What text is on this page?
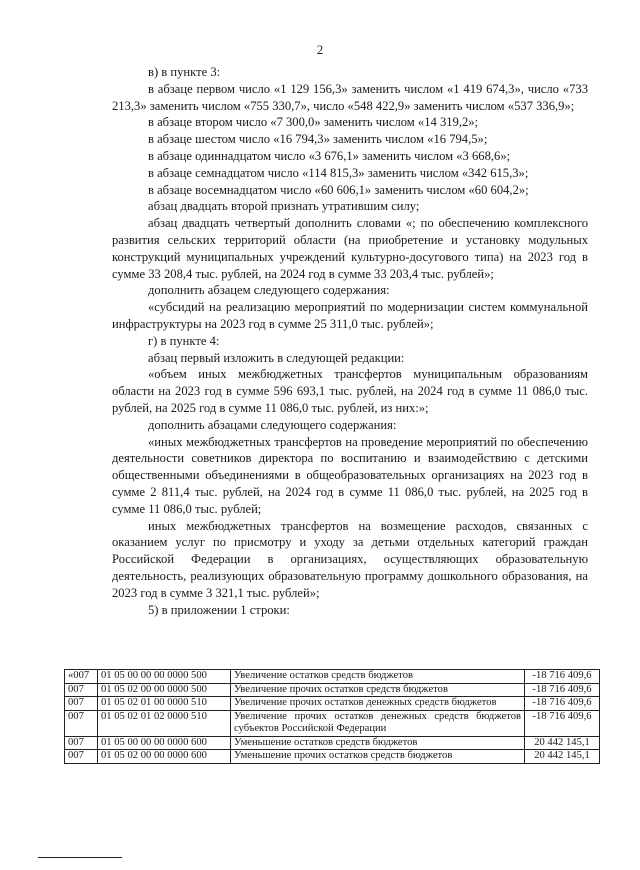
2

в) в пункте 3:

в абзаце первом число «1 129 156,3» заменить числом «1 419 674,3», число «733 213,3» заменить числом «755 330,7», число «548 422,9» заменить числом «537 336,9»;

в абзаце втором число «7 300,0» заменить числом «14 319,2»;

в абзаце шестом число «16 794,3» заменить числом «16 794,5»;

в абзаце одиннадцатом число «3 676,1» заменить числом «3 668,6»;

в абзаце семнадцатом число «114 815,3» заменить числом «342 615,3»;

в абзаце восемнадцатом число «60 606,1» заменить числом «60 604,2»;

абзац двадцать второй признать утратившим силу;

абзац двадцать четвертый дополнить словами «; по обеспечению комплексного развития сельских территорий области (на приобретение и установку модульных конструкций муниципальных учреждений культурно-досугового типа) на 2023 год в сумме 33 208,4 тыс. рублей, на 2024 год в сумме 33 203,4 тыс. рублей»;

дополнить абзацем следующего содержания:

«субсидий на реализацию мероприятий по модернизации систем коммунальной инфраструктуры на 2023 год в сумме 25 311,0 тыс. рублей»;

г) в пункте 4:

абзац первый изложить в следующей редакции:

«объем иных межбюджетных трансфертов муниципальным образованиям области на 2023 год в сумме 596 693,1 тыс. рублей, на 2024 год в сумме 11 086,0 тыс. рублей, на 2025 год в сумме 11 086,0 тыс. рублей, из них:»;

дополнить абзацами следующего содержания:

«иных межбюджетных трансфертов на проведение мероприятий по обеспечению деятельности советников директора по воспитанию и взаимодействию с детскими общественными объединениями в общеобразовательных организациях на 2023 год в сумме 2 811,4 тыс. рублей, на 2024 год в сумме 11 086,0 тыс. рублей, на 2025 год в сумме 11 086,0 тыс. рублей;

иных межбюджетных трансфертов на возмещение расходов, связанных с оказанием услуг по присмотру и уходу за детьми отдельных категорий граждан Российской Федерации в организациях, осуществляющих образовательную деятельность, реализующих образовательную программу дошкольного образования, на 2023 год в сумме 3 321,1 тыс. рублей»;

5) в приложении 1 строки:

«007	01 05 00 00 00 0000 500	Увеличение остатков средств бюджетов	-18 716 409,6
007	01 05 02 00 00 0000 500	Увеличение прочих остатков средств бюджетов	-18 716 409,6
007	01 05 02 01 00 0000 510	Увеличение прочих остатков денежных средств бюджетов	-18 716 409,6
007	01 05 02 01 02 0000 510	Увеличение прочих остатков денежных средств бюджетов субъектов Российской Федерации	-18 716 409,6
007	01 05 00 00 00 0000 600	Уменьшение остатков средств бюджетов	20 442 145,1
007	01 05 02 00 00 0000 600	Уменьшение прочих остатков средств бюджетов	20 442 145,1
